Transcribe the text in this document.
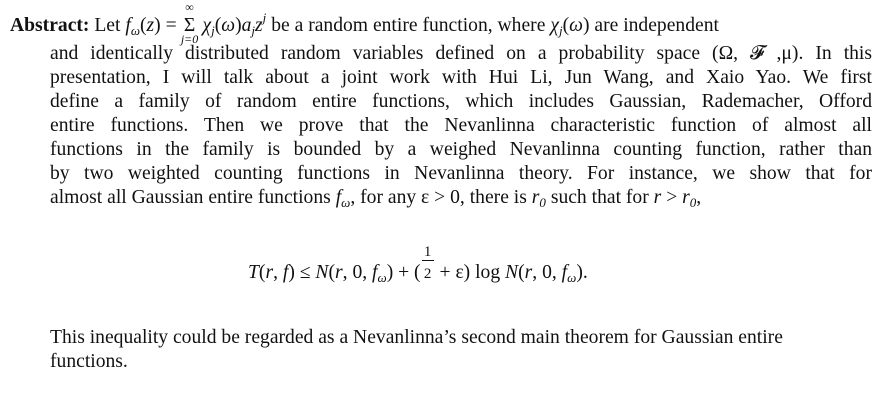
Abstract: Let $f_\omega(z)$ =
∞
Σ
j=0
$\chi_j(\omega)a_jz^j$ be a random entire function, where $\chi_j(\omega)$ are independent
and identically distributed random variables defined on a probability space (Ω, 𝓕 ,μ). In this
presentation, I will talk about a joint work with Hui Li, Jun Wang, and Xaio Yao. We first
define a family of random entire functions, which includes Gaussian, Rademacher, Offord
entire functions. Then we prove that the Nevanlinna characteristic function of almost all
functions in the family is bounded by a weighed Nevanlinna counting function, rather than
by two weighted counting functions in Nevanlinna theory. For instance, we show that for
almost all Gaussian entire functions $f_\omega$, for any ε > 0, there is $r_0$ such that for $r > r_0$,
T(r, f) ≤ N(r, 0, $f_\omega$) + ( $\frac{1}{2} + \varepsilon$) log N(r, 0, $f_\omega$).
This inequality could be regarded as a Nevanlinna’s second main theorem for Gaussian entire
functions.
